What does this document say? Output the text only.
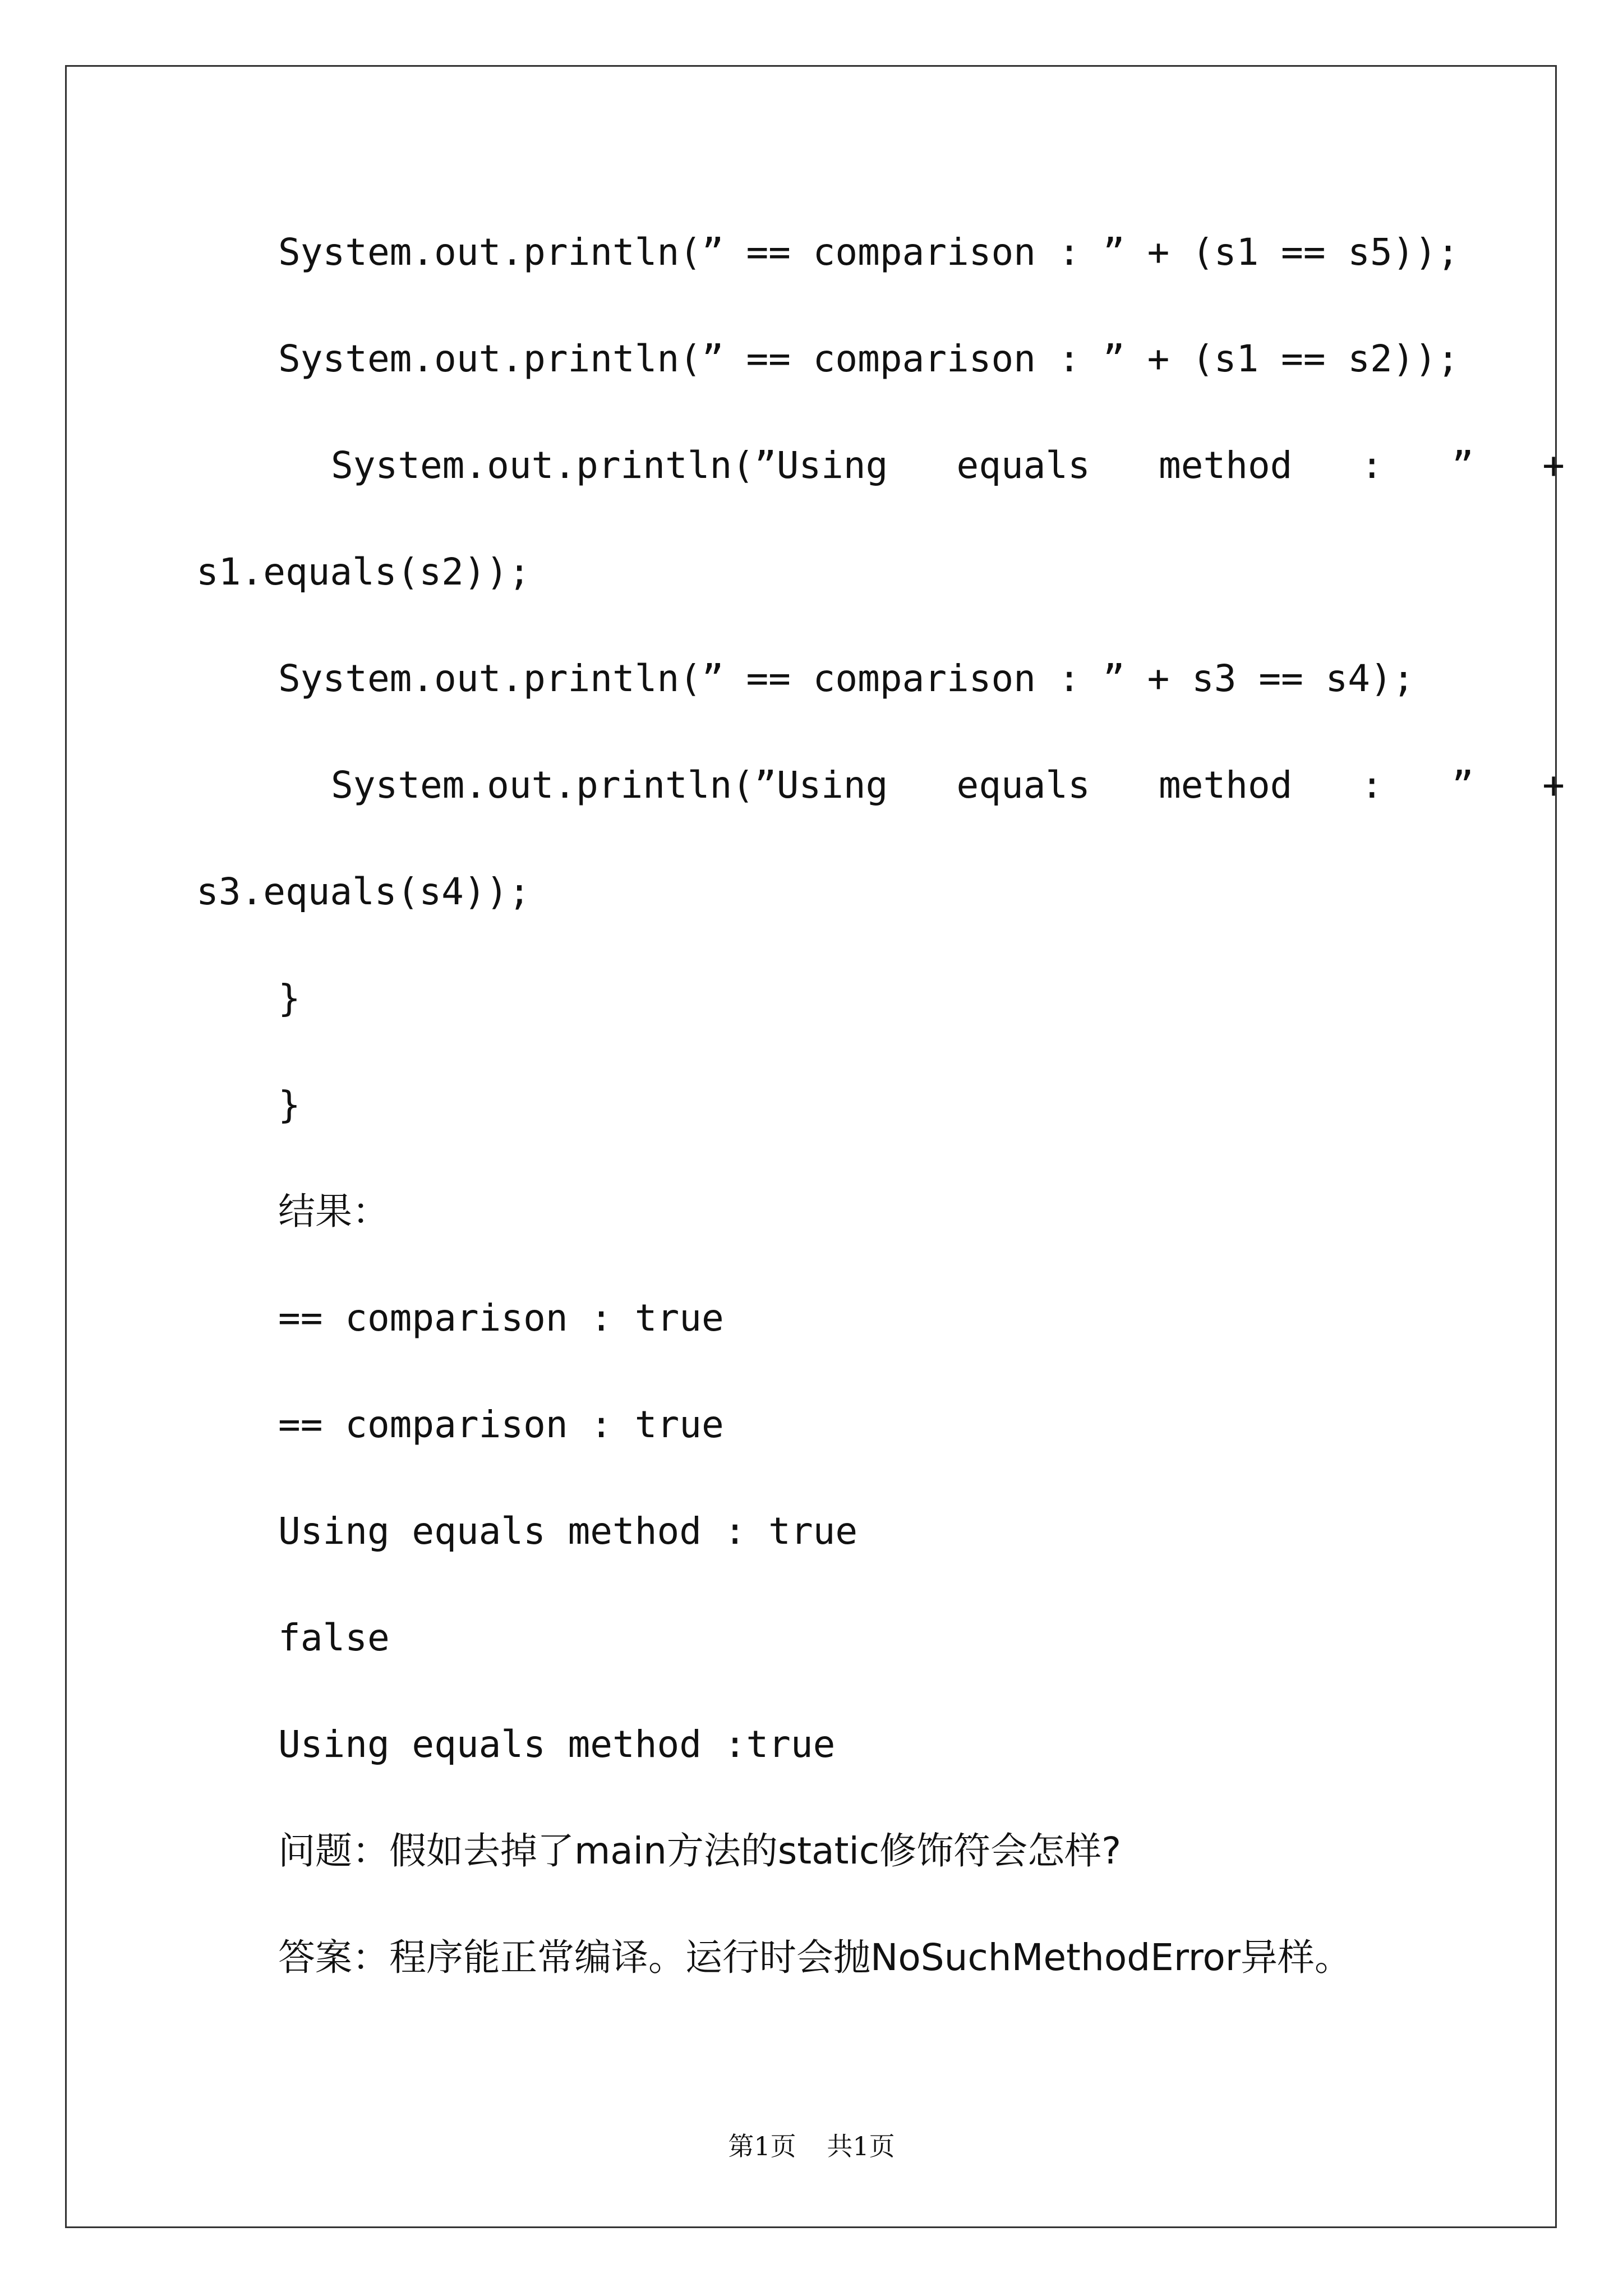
System.out.println(” == comparison : ” + (s1 == s5));
System.out.println(” == comparison : ” + (s1 == s2));
System.out.println(”Using equals method : ” +
s1.equals(s2));
System.out.println(” == comparison : ” + s3 == s4);
System.out.println(”Using equals method : ” +
s3.equals(s4));
}
}
结果：
== comparison : true
== comparison : true
Using equals method : true
false
Using equals method :true
问题：假如去掉了main方法的static修饰符会怎样?
答案：程序能正常编译。运行时会抛NoSuchMethodError异样。
第1页 共1页
